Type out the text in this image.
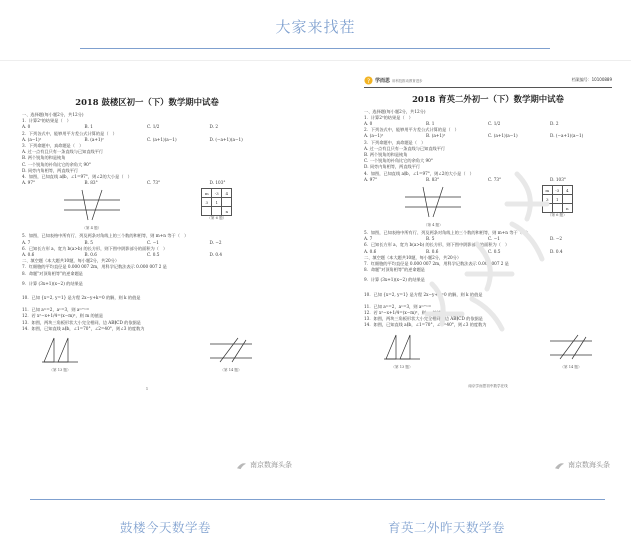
大家来找茬
2018 鼓楼区初一（下）数学期中试卷
一、选择题(每小题2分，共12分)
1．计算2⁰的结果是（　）
A. 0	B. 1	C. 1/2	D. 2
2．下列各式中，能够用平方差公式计算的是（　）
A. (a−1)²	B. (a+1)²	C. (a+1)(a−1)	D. (−a+1)(a−1)
3．下列命题中，真命题是（　）
A. 过一点有且只有一条直线与已知直线平行
B. 两个锐角的和是钝角
C. 一个锐角的补角比它的余角大 90°
D. 同旁内角相等，两直线平行
4．如图，已知直线 a∥b，∠1=97°，则∠2的大小是（　）
A. 97°	B. 83°	C. 73°	D. 103°
（第 4 题）
m	-3	4
3	1	
		n
（第 6 题）
5．如图，已知表格中所有行、列及两条对角线上的三个数的和相等，则 m+n 等于（　）
A. 7	B. 5	C. −1	D. −2
6．已知长方形 a，宽为 b(a>b) 的长方形，则下图中阴影部分的面积为（　）
A. 0.6	B. 0.6	C. 0.5	D. 0.4
二、填空题（本大题共10题，每小题2分，共20分）
7．红细胞的平均直径是 0.000 007 2m，用科学记数法表示 0.000 007 2 是
8．命题"对顶角相等"的逆命题是
9．计算 (3x+1)(x−2) 的结果是
10．已知 {x=2, y=1} 是方程 2x−y+k=0 的解，则 k 的值是
11．已知 aᵐ=2，aⁿ=3，则 aᵐ⁺ⁿ=
12．若 x²−x+1/4=(x−m)²，则 m 的值是
13．如图，两块三角板形状大小完全相同，边 AB∥CD 的依据是
14．如图，已知直线 a∥b，∠1=70°，∠2=40°，则∠3 的度数为
（第 13 题）	（第 14 题）
1
南京数海头条
? 学而思 用科技推动教育进步	档案编号：10100889
2018 育英二外初一（下）数学期中试卷
一、选择题(每小题2分，共12分)
1．计算2⁰的结果是（　）
A. 0	B. 1	C. 1/2	D. 2
2．下列各式中，能够用平方差公式计算的是（　）
A. (a−1)²	B. (a+1)²	C. (a+1)(a−1)	D. (−a+1)(a−1)
3．下列命题中，真命题是（　）
A. 过一点有且只有一条直线与已知直线平行
B. 两个锐角的和是钝角
C. 一个锐角的补角比它的余角大 90°
D. 同旁内角相等，两直线平行
4．如图，已知直线 a∥b，∠1=97°，则∠2的大小是（　）
A. 97°	B. 83°	C. 73°	D. 103°
（第 4 题）
m	-3	4
3	1	
		n
（第 6 题）
5．如图，已知表格中所有行、列及两条对角线上的三个数的和相等，则 m+n 等于（　）
A. 7	B. 5	C. −1	D. −2
6．已知长方形 a，宽为 b(a>b) 的长方形，则下图中阴影部分的面积为（　）
A. 0.6	B. 0.6	C. 0.5	D. 0.4
二、填空题（本大题共10题，每小题2分，共20分）
7．红细胞的平均直径是 0.000 007 2m，用科学记数法表示 0.000 007 2 是
8．命题"对顶角相等"的逆命题是
9．计算 (3x+1)(x−2) 的结果是
10．已知 {x=2, y=1} 是方程 2x−y+k=0 的解，则 k 的值是
11．已知 aᵐ=2，aⁿ=3，则 aᵐ⁺ⁿ=
12．若 x²−x+1/4=(x−m)²，则 m 的值是
13．如图，两块三角板形状大小完全相同，边 AB∥CD 的依据是
14．如图，已知直线 a∥b，∠1=70°，∠2=40°，则∠3 的度数为
（第 13 题）	（第 14 题）
南京学而思初中数学在线
南京数海头条
鼓楼今天数学卷	育英二外昨天数学卷
